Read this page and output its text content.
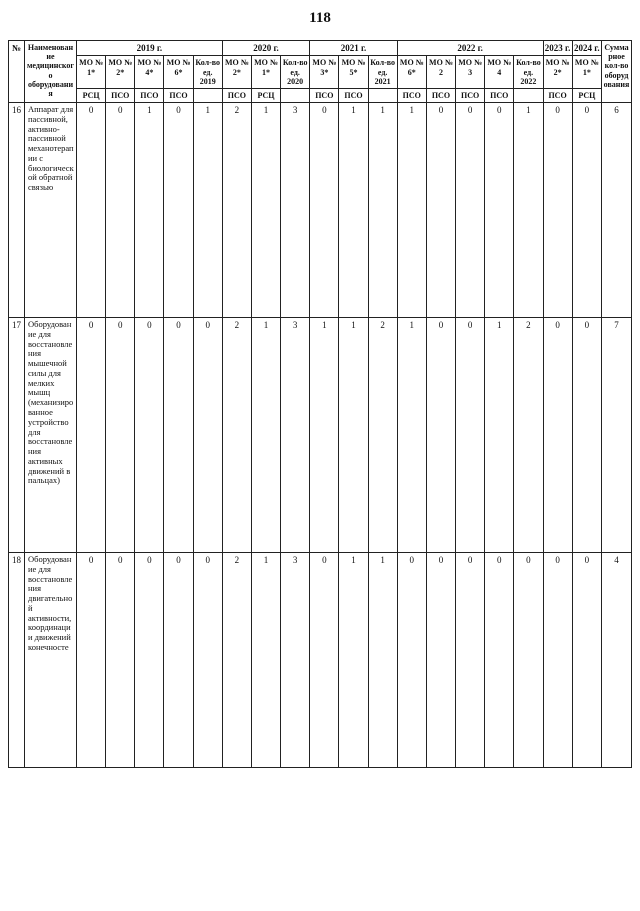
118
№	Наименование медицинского оборудования	2019 г.					2020 г.			2021 г.			2022 г.					2023 г.	2024 г.	Суммарное кол-во оборудования
		МО № 1*	МО № 2*	МО № 4*	МО № 6*	Кол-во ед. 2019	МО № 2*	МО № 1*	Кол-во ед. 2020	МО № 3*	МО № 5*	Кол-во ед. 2021	МО № 6*	МО № 2	МО № 3	МО № 4	Кол-во ед. 2022	МО № 2*	МО № 1*	
		РСЦ	ПСО	ПСО	ПСО		ПСО	РСЦ		ПСО	ПСО		ПСО	ПСО	ПСО	ПСО		ПСО	РСЦ	
16	Аппарат для пассивной, активно-пассивной механотерапии с биологической обратной связью	0	0	1	0	1	2	1	3	0	1	1	1	0	0	0	1	0	0	6
17	Оборудование для восстановления мышечной силы для мелких мышц (механизированное устройство для восстановления активных движений в пальцах)	0	0	0	0	0	2	1	3	1	1	2	1	0	0	1	2	0	0	7
18	Оборудование для восстановления двигательной активности, координации движений конечносте	0	0	0	0	0	2	1	3	0	1	1	0	0	0	0	0	0	0	4
